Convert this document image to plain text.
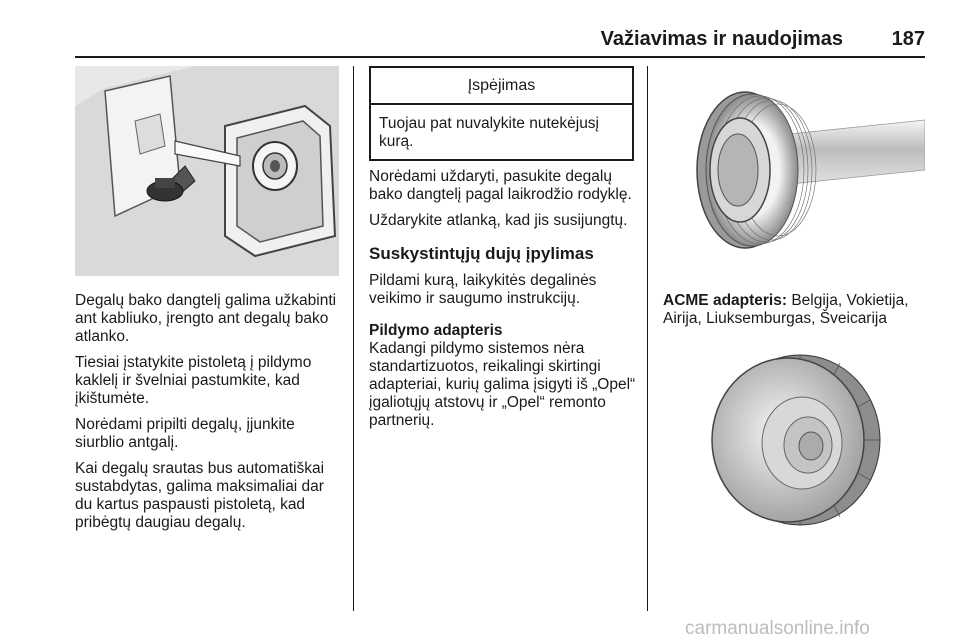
Važiavimas ir naudojimas 187

Degalų bako dangtelį galima užkabinti ant kabliuko, įrengto ant degalų bako atlanko.

Tiesiai įstatykite pistoletą į pildymo kaklelį ir švelniai pastumkite, kad įkištumėte.

Norėdami pripilti degalų, įjunkite siurblio antgalį.

Kai degalų srautas bus automatiškai sustabdytas, galima maksimaliai dar du kartus paspausti pistoletą, kad pribėgtų daugiau degalų.

Įspėjimas
Tuojau pat nuvalykite nutekėjusį kurą.

Norėdami uždaryti, pasukite degalų bako dangtelį pagal laikrodžio rodyklę.

Uždarykite atlanką, kad jis susijungtų.

Suskystintųjų dujų įpylimas

Pildami kurą, laikykitės degalinės veikimo ir saugumo instrukcijų.

Pildymo adapteris

Kadangi pildymo sistemos nėra standartizuotos, reikalingi skirtingi adapteriai, kurių galima įsigyti iš „Opel“ įgaliotųjų atstovų ir „Opel“ remonto partnerių.

ACME adapteris: Belgija, Vokietija, Airija, Liuksemburgas, Šveicarija

carmanualsonline.info
